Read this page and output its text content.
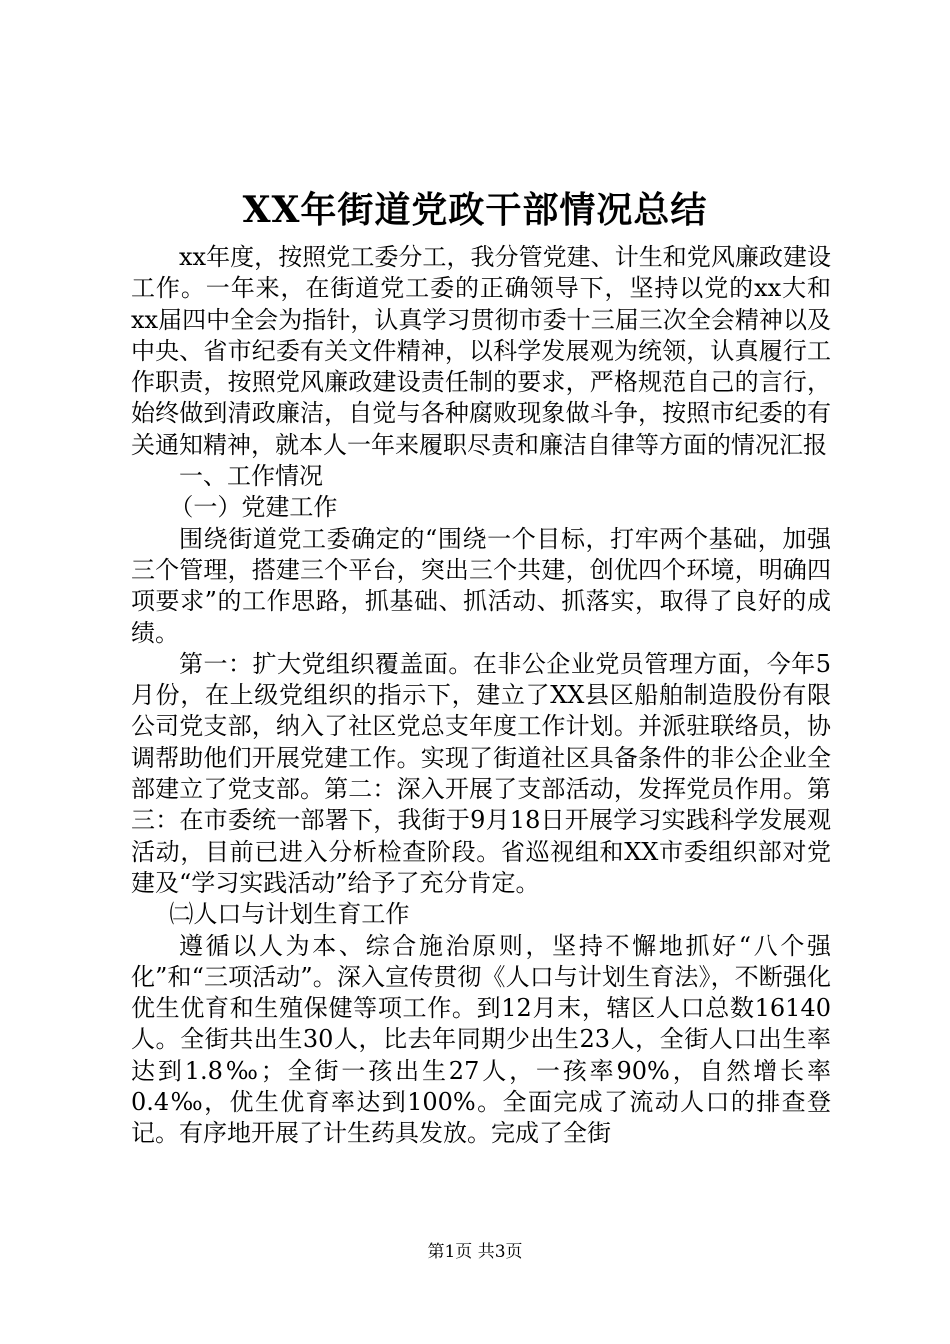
XX年街道党政干部情况总结

xx年度，按照党工委分工，我分管党建、计生和党风廉政建设工作。一年来，在街道党工委的正确领导下，坚持以党的xx大和xx届四中全会为指针，认真学习贯彻市委十三届三次全会精神以及中央、省市纪委有关文件精神，以科学发展观为统领，认真履行工作职责，按照党风廉政建设责任制的要求，严格规范自己的言行，始终做到清政廉洁，自觉与各种腐败现象做斗争，按照市纪委的有关通知精神，就本人一年来履职尽责和廉洁自律等方面的情况汇报

一、工作情况

（一）党建工作

围绕街道党工委确定的“围绕一个目标，打牢两个基础，加强三个管理，搭建三个平台，突出三个共建，创优四个环境，明确四项要求”的工作思路，抓基础、抓活动、抓落实，取得了良好的成绩。

第一：扩大党组织覆盖面。在非公企业党员管理方面，今年5月份，在上级党组织的指示下，建立了XX县区船舶制造股份有限公司党支部，纳入了社区党总支年度工作计划。并派驻联络员，协调帮助他们开展党建工作。实现了街道社区具备条件的非公企业全部建立了党支部。第二：深入开展了支部活动，发挥党员作用。第三：在市委统一部署下，我街于9月18日开展学习实践科学发展观活动，目前已进入分析检查阶段。省巡视组和XX市委组织部对党建及“学习实践活动”给予了充分肯定。

㈡人口与计划生育工作

遵循以人为本、综合施治原则，坚持不懈地抓好“八个强化”和“三项活动”。深入宣传贯彻《人口与计划生育法》，不断强化优生优育和生殖保健等项工作。到12月末，辖区人口总数16140人。全街共出生30人，比去年同期少出生23人，全街人口出生率达到1.8‰；全街一孩出生27人，一孩率90%，自然增长率0.4‰，优生优育率达到100%。全面完成了流动人口的排查登记。有序地开展了计生药具发放。完成了全街

第1页 共3页
